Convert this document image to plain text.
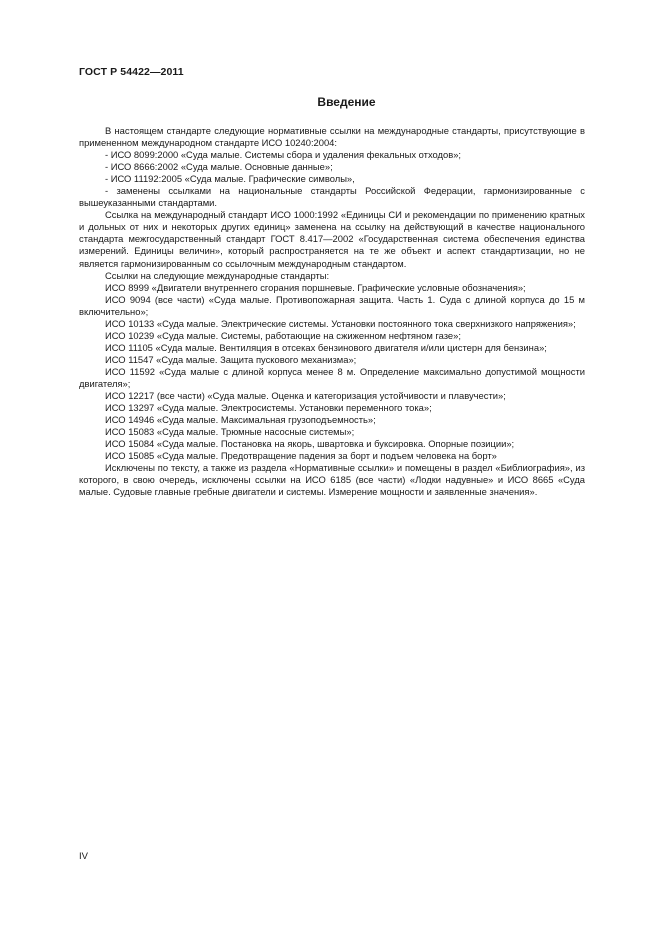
ГОСТ Р 54422—2011
Введение

В настоящем стандарте следующие нормативные ссылки на международные стандарты, присутствующие в примененном международном стандарте ИСО 10240:2004:

- ИСО 8099:2000 «Суда малые. Системы сбора и удаления фекальных отходов»;

- ИСО 8666:2002 «Суда малые. Основные данные»;

- ИСО 11192:2005 «Суда малые. Графические символы»,

- заменены ссылками на национальные стандарты Российской Федерации, гармонизированные с вышеуказанными стандартами.

Ссылка на международный стандарт ИСО 1000:1992 «Единицы СИ и рекомендации по применению кратных и дольных от них и некоторых других единиц» заменена на ссылку на действующий в качестве национального стандарта межгосударственный стандарт ГОСТ 8.417—2002 «Государственная система обеспечения единства измерений. Единицы величин», который распространяется на те же объект и аспект стандартизации, но не является гармонизированным со ссылочным международным стандартом.

Ссылки на следующие международные стандарты:

ИСО 8999 «Двигатели внутреннего сгорания поршневые. Графические условные обозначения»;

ИСО 9094 (все части) «Суда малые. Противопожарная защита. Часть 1. Суда с длиной корпуса до 15 м включительно»;

ИСО 10133 «Суда малые. Электрические системы. Установки постоянного тока сверхнизкого напряжения»;

ИСО 10239 «Суда малые. Системы, работающие на сжиженном нефтяном газе»;

ИСО 11105 «Суда малые. Вентиляция в отсеках бензинового двигателя и/или цистерн для бензина»;

ИСО 11547 «Суда малые. Защита пускового механизма»;

ИСО 11592 «Суда малые с длиной корпуса менее 8 м. Определение максимально допустимой мощности двигателя»;

ИСО 12217 (все части) «Суда малые. Оценка и категоризация устойчивости и плавучести»;

ИСО 13297 «Суда малые. Электросистемы. Установки переменного тока»;

ИСО 14946 «Суда малые. Максимальная грузоподъемность»;

ИСО 15083 «Суда малые. Трюмные насосные системы»;

ИСО 15084 «Суда малые. Постановка на якорь, швартовка и буксировка. Опорные позиции»;

ИСО 15085 «Суда малые. Предотвращение падения за борт и подъем человека на борт»

Исключены по тексту, а также из раздела «Нормативные ссылки» и помещены в раздел «Библиография», из которого, в свою очередь, исключены ссылки на ИСО 6185 (все части) «Лодки надувные» и ИСО 8665 «Суда малые. Судовые главные гребные двигатели и системы. Измерение мощности и заявленные значения».

IV
